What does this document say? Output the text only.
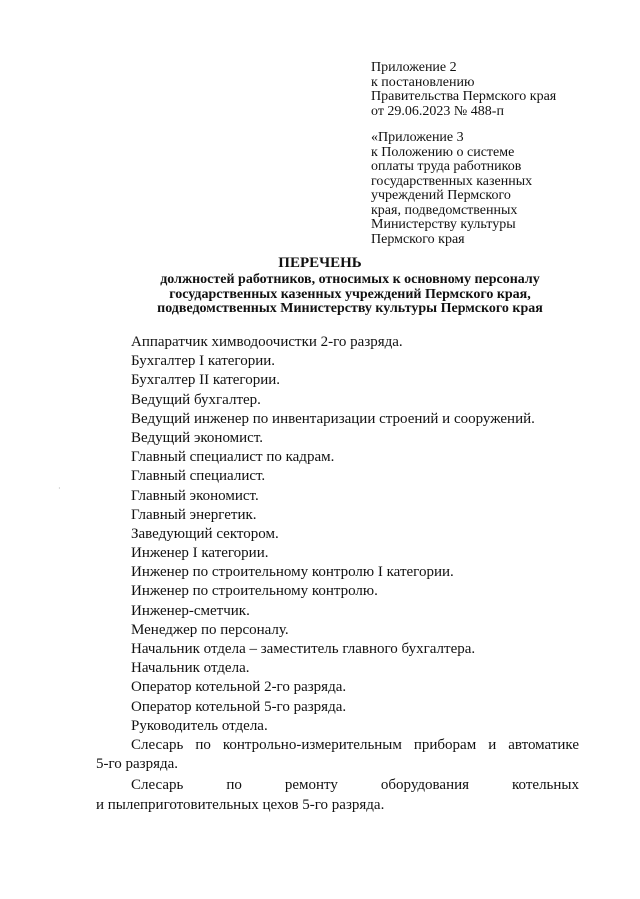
Приложение 2
к постановлению
Правительства Пермского края
от 29.06.2023 № 488-п
«Приложение 3
к Положению о системе
оплаты труда работников
государственных казенных
учреждений Пермского
края, подведомственных
Министерству культуры
Пермского края
ПЕРЕЧЕНЬ
должностей работников, относимых к основному персоналу
государственных казенных учреждений Пермского края,
подведомственных Министерству культуры Пермского края
Аппаратчик химводоочистки 2-го разряда.
Бухгалтер I категории.
Бухгалтер II категории.
Ведущий бухгалтер.
Ведущий инженер по инвентаризации строений и сооружений.
Ведущий экономист.
Главный специалист по кадрам.
Главный специалист.
Главный экономист.
Главный энергетик.
Заведующий сектором.
Инженер I категории.
Инженер по строительному контролю I категории.
Инженер по строительному контролю.
Инженер-сметчик.
Менеджер по персоналу.
Начальник отдела – заместитель главного бухгалтера.
Начальник отдела.
Оператор котельной 2-го разряда.
Оператор котельной 5-го разряда.
Руководитель отдела.
Слесарь по контрольно-измерительным приборам и автоматике
5-го разряда.
Слесарь по ремонту оборудования котельных
и пылеприготовительных цехов 5-го разряда.
·
